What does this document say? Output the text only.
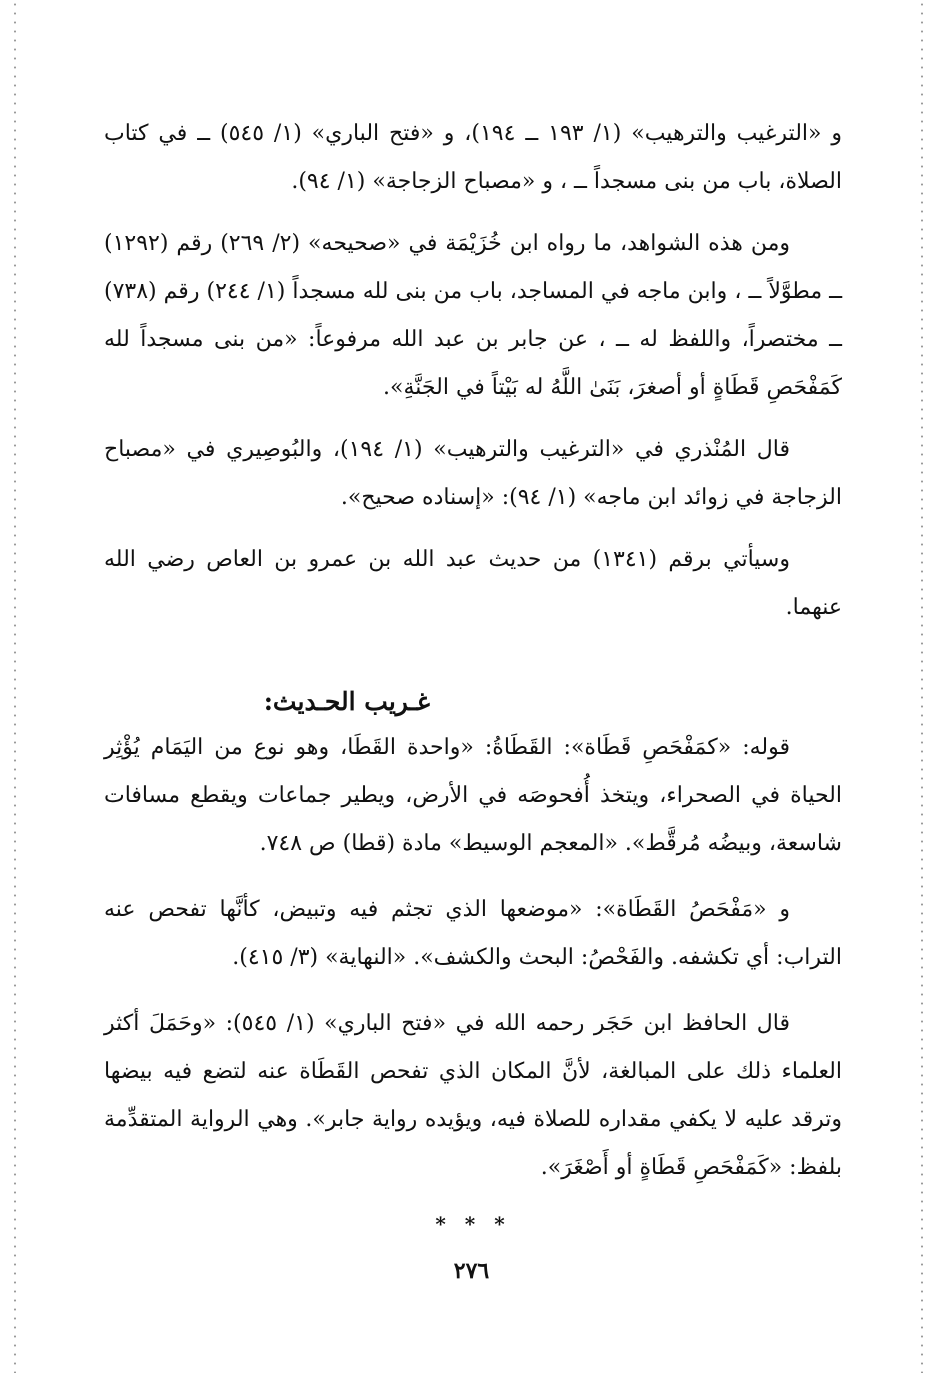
و «الترغيب والترهيب» (١/ ١٩٣ ــ ١٩٤)، و «فتح الباري» (١/ ٥٤٥) ــ في كتاب الصلاة، باب من بنى مسجداً ــ ، و «مصباح الزجاجة» (١/ ٩٤).

ومن هذه الشواهد، ما رواه ابن خُزَيْمَة في «صحيحه» (٢/ ٢٦٩) رقم (١٢٩٢) ــ مطوَّلاً ــ ، وابن ماجه في المساجد، باب من بنى لله مسجداً (١/ ٢٤٤) رقم (٧٣٨) ــ مختصراً، واللفظ له ــ ، عن جابر بن عبد الله مرفوعاً: «من بنى مسجداً لله كَمَفْحَصِ قَطَاةٍ أو أصغرَ، بَنَىٰ اللَّهُ له بَيْتاً في الجَنَّةِ».

قال المُنْذري في «الترغيب والترهيب» (١/ ١٩٤)، والبُوصِيري في «مصباح الزجاجة في زوائد ابن ماجه» (١/ ٩٤): «إسناده صحيح».

وسيأتي برقم (١٣٤١) من حديث عبد الله بن عمرو بن العاص رضي الله عنهما.

غـريب الحـديث:

قوله: «كمَفْحَصِ قَطَاة»: القَطَاةُ: «واحدة القَطَا، وهو نوع من اليَمَام يُؤْثِر الحياة في الصحراء، ويتخذ أُفحوصَه في الأرض، ويطير جماعات ويقطع مسافات شاسعة، وبيضُه مُرقَّط». «المعجم الوسيط» مادة (قطا) ص ٧٤٨.

و «مَفْحَصُ القَطَاة»: «موضعها الذي تجثم فيه وتبيض، كأنَّها تفحص عنه التراب: أي تكشفه. والفَحْصُ: البحث والكشف». «النهاية» (٣/ ٤١٥).

قال الحافظ ابن حَجَر رحمه الله في «فتح الباري» (١/ ٥٤٥): «وحَمَلَ أكثر العلماء ذلك على المبالغة، لأنَّ المكان الذي تفحص القَطَاة عنه لتضع فيه بيضها وترقد عليه لا يكفي مقداره للصلاة فيه، ويؤيده رواية جابر». وهي الرواية المتقدِّمة بلفظ: «كَمَفْحَصِ قَطَاةٍ أو أَصْغَرَ».

* * *
٢٧٦
